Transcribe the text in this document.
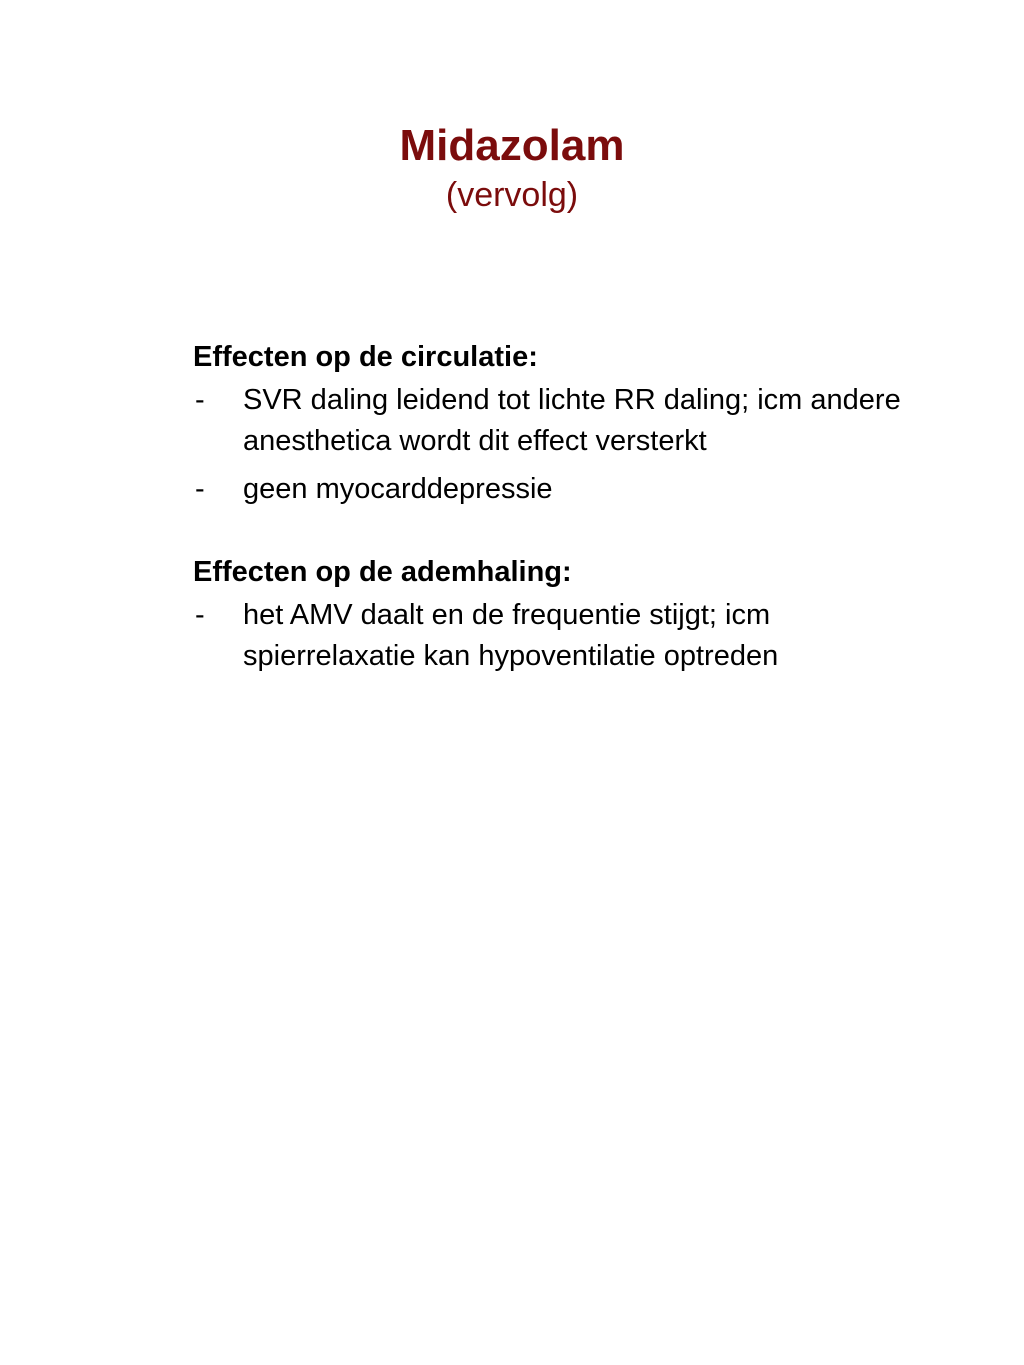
Midazolam
(vervolg)
Effecten op de circulatie:
- SVR daling leidend tot lichte RR daling; icm andere anesthetica wordt dit effect versterkt
- geen myocarddepressie
Effecten op de ademhaling:
- het AMV daalt en de frequentie stijgt; icm spierrelaxatie kan hypoventilatie optreden
